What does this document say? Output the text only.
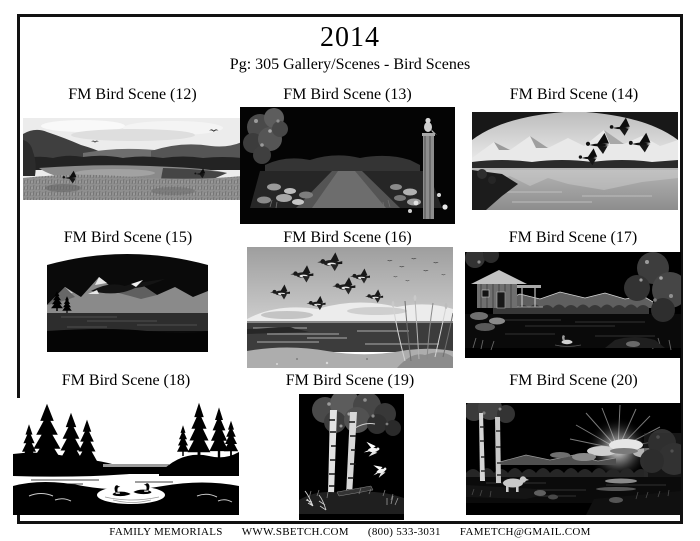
2014
Pg: 305 Gallery/Scenes - Bird Scenes
FM Bird Scene (12)	FM Bird Scene (13)	FM Bird Scene (14)
FM Bird Scene (15)	FM Bird Scene (16)	FM Bird Scene (17)
FM Bird Scene (18)	FM Bird Scene (19)	FM Bird Scene (20)
FAMILY MEMORIALS WWW.SBETCH.COM (800) 533-3031 FAMETCH@GMAIL.COM
